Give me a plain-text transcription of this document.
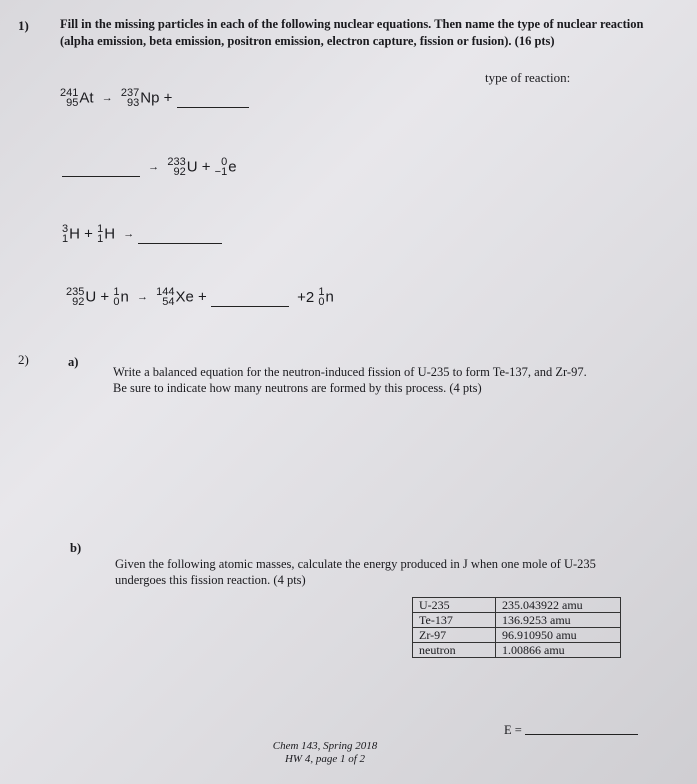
1) Fill in the missing particles in each of the following nuclear equations. Then name the type of nuclear reaction (alpha emission, beta emission, positron emission, electron capture, fission or fusion). (16 pts)
type of reaction:
241
95 At → 237
93 Np +
→ 233
92 U + 0
−1 e
3
1 H + 1
1 H →
235
92 U + 1
0 n → 144
54 Xe +	+2 1
0 n
2)	a)
Write a balanced equation for the neutron-induced fission of U-235 to form Te-137, and Zr-97.
Be sure to indicate how many neutrons are formed by this process. (4 pts)
b)
Given the following atomic masses, calculate the energy produced in J when one mole of U-235
undergoes this fission reaction. (4 pts)
U-235	235.043922 amu
Te-137	136.9253 amu
Zr-97	96.910950 amu
neutron	1.00866 amu
E =
Chem 143, Spring 2018
HW 4, page 1 of 2
